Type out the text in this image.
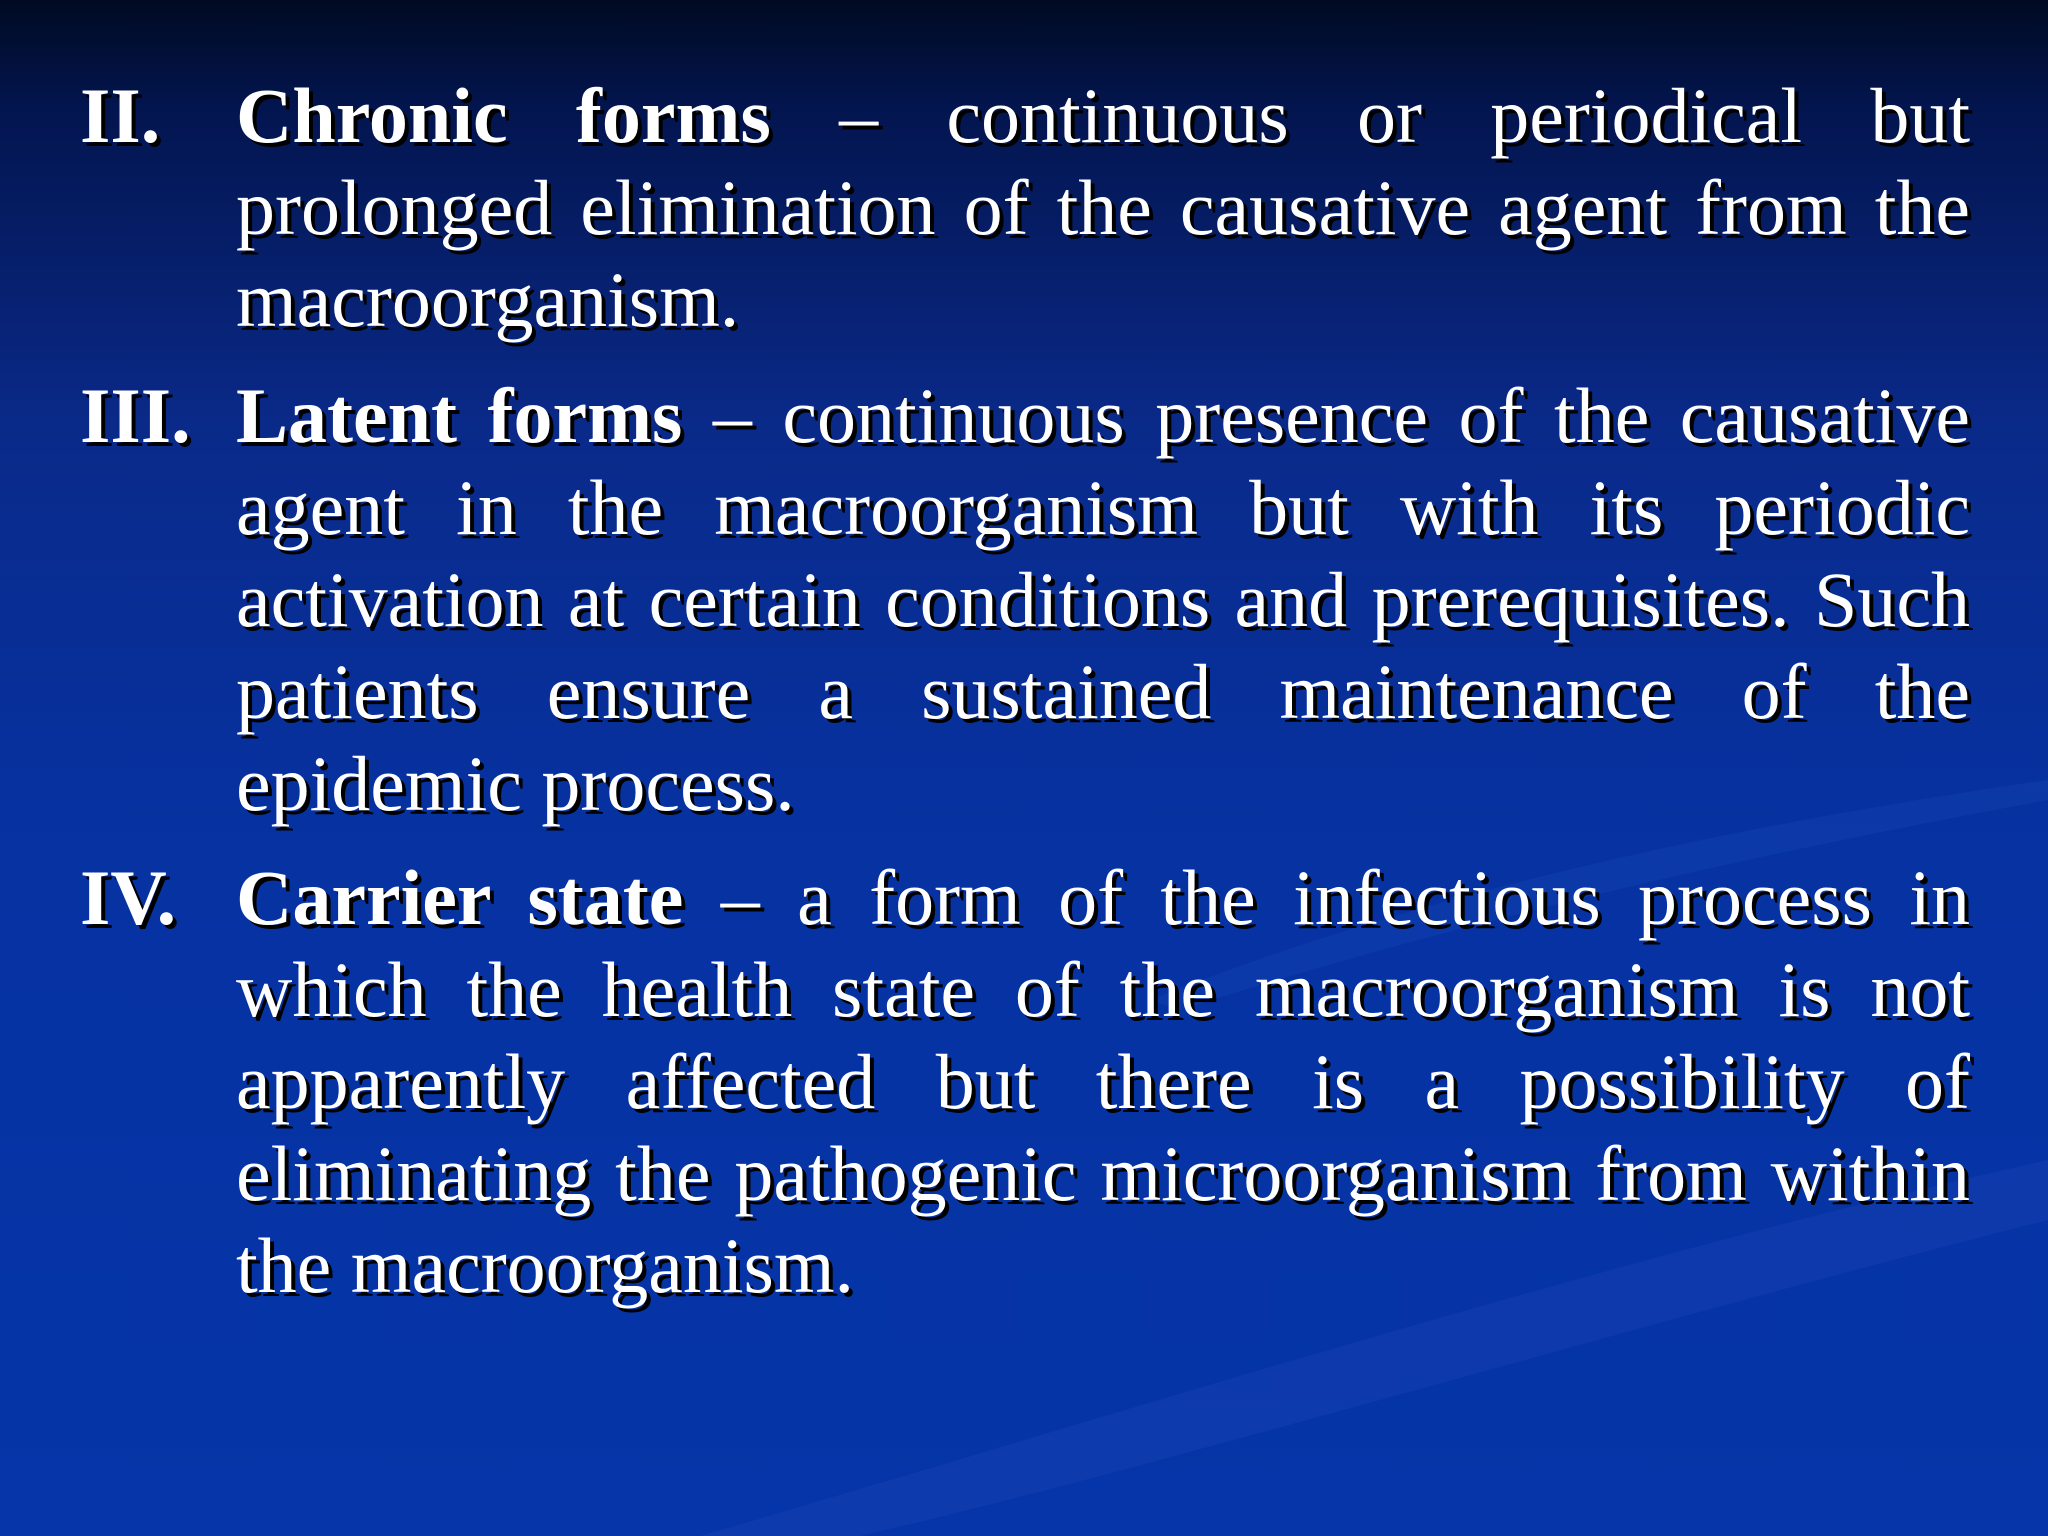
II. Chronic forms – continuous or periodical but prolonged elimination of the causative agent from the macroorganism.

III. Latent forms – continuous presence of the causative agent in the macroorganism but with its periodic activation at certain conditions and prerequisites. Such patients ensure a sustained maintenance of the epidemic process.

IV. Carrier state – a form of the infectious process in which the health state of the macroorganism is not apparently affected but there is a possibility of eliminating the pathogenic microorganism from within the macroorganism.
